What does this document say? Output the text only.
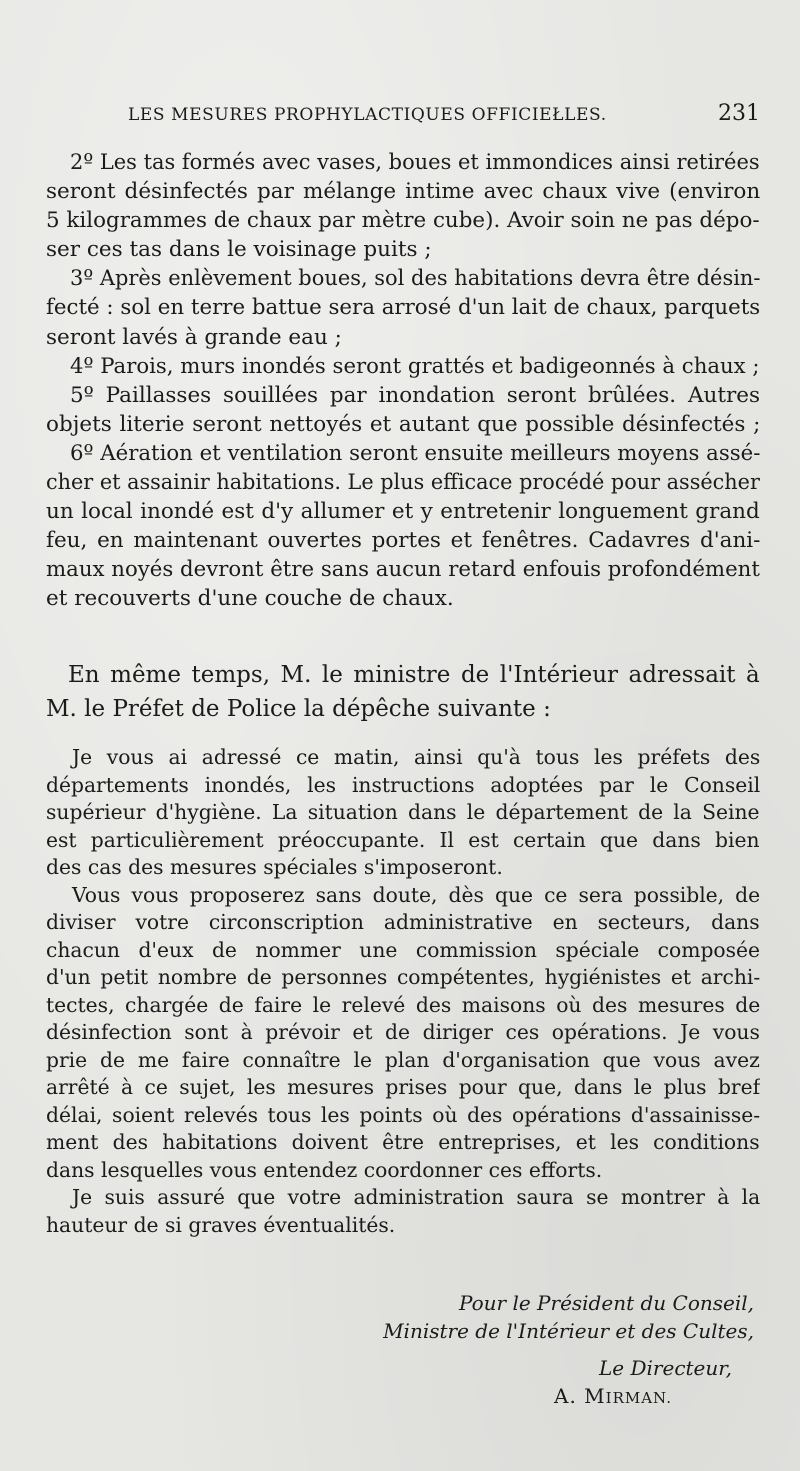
LES MESURES PROPHYLACTIQUES OFFICIEŁLES.	231
2º Les tas formés avec vases, boues et immondices ainsi retirées
seront désinfectés par mélange intime avec chaux vive (environ
5 kilogrammes de chaux par mètre cube). Avoir soin ne pas dépo-
ser ces tas dans le voisinage puits ;
3º Après enlèvement boues, sol des habitations devra être désin-
fecté : sol en terre battue sera arrosé d'un lait de chaux, parquets
seront lavés à grande eau ;
4º Parois, murs inondés seront grattés et badigeonnés à chaux ;
5º Paillasses souillées par inondation seront brûlées. Autres
objets literie seront nettoyés et autant que possible désinfectés ;
6º Aération et ventilation seront ensuite meilleurs moyens assé-
cher et assainir habitations. Le plus efficace procédé pour assécher
un local inondé est d'y allumer et y entretenir longuement grand
feu, en maintenant ouvertes portes et fenêtres. Cadavres d'ani-
maux noyés devront être sans aucun retard enfouis profondément
et recouverts d'une couche de chaux.
En même temps, M. le ministre de l'Intérieur adressait à
M. le Préfet de Police la dépêche suivante :
Je vous ai adressé ce matin, ainsi qu'à tous les préfets des
départements inondés, les instructions adoptées par le Conseil
supérieur d'hygiène. La situation dans le département de la Seine
est particulièrement préoccupante. Il est certain que dans bien
des cas des mesures spéciales s'imposeront.
Vous vous proposerez sans doute, dès que ce sera possible, de
diviser votre circonscription administrative en secteurs, dans
chacun d'eux de nommer une commission spéciale composée
d'un petit nombre de personnes compétentes, hygiénistes et archi-
tectes, chargée de faire le relevé des maisons où des mesures de
désinfection sont à prévoir et de diriger ces opérations. Je vous
prie de me faire connaître le plan d'organisation que vous avez
arrêté à ce sujet, les mesures prises pour que, dans le plus bref
délai, soient relevés tous les points où des opérations d'assainisse-
ment des habitations doivent être entreprises, et les conditions
dans lesquelles vous entendez coordonner ces efforts.
Je suis assuré que votre administration saura se montrer à la
hauteur de si graves éventualités.
Pour le Président du Conseil,
Ministre de l'Intérieur et des Cultes,
Le Directeur,
A. MIRMAN.
